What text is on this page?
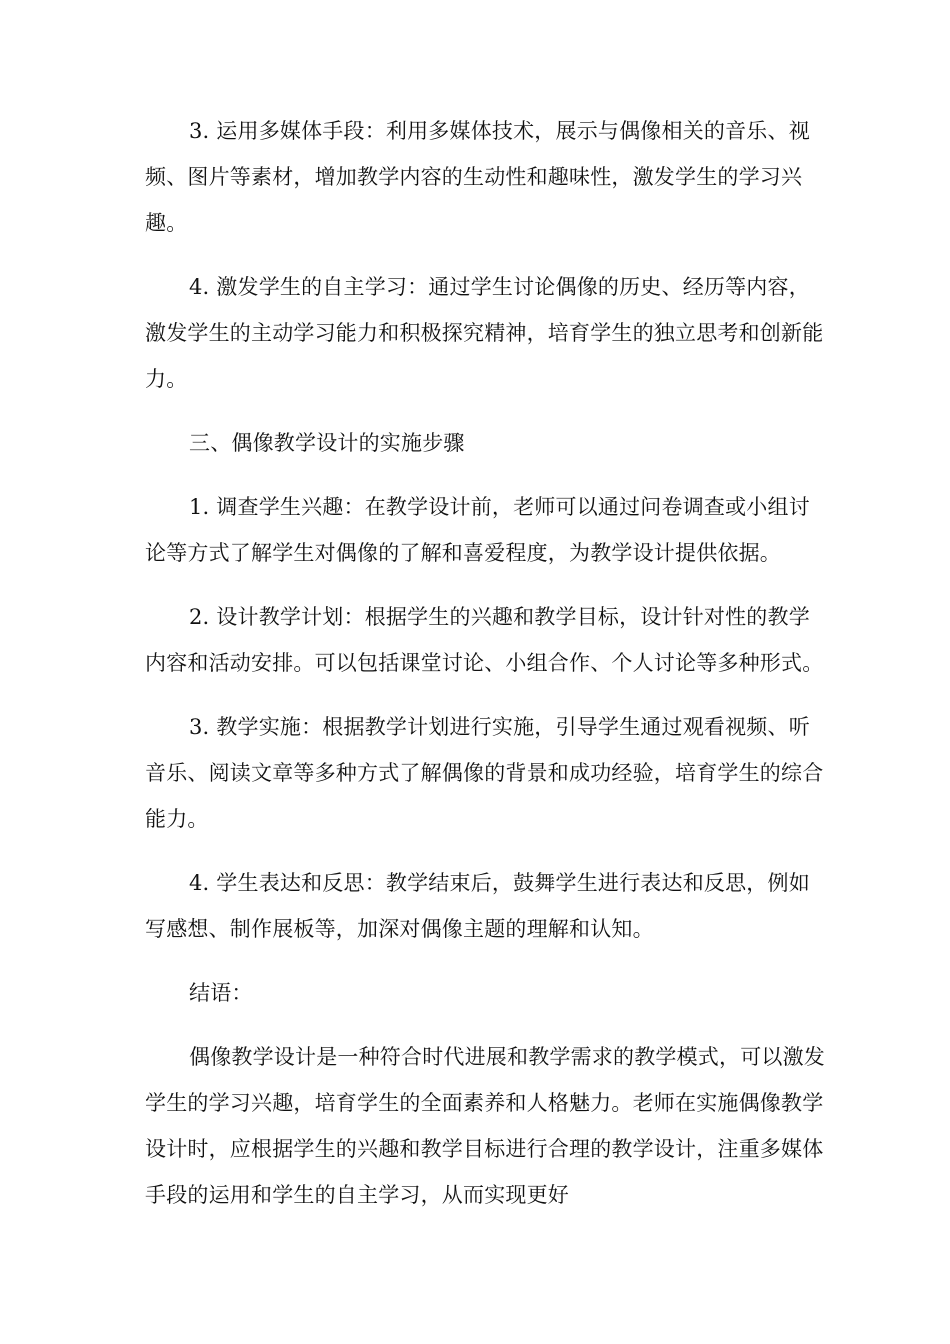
3. 运用多媒体手段：利用多媒体技术，展示与偶像相关的音乐、视频、图片等素材，增加教学内容的生动性和趣味性，激发学生的学习兴趣。

4. 激发学生的自主学习：通过学生讨论偶像的历史、经历等内容，激发学生的主动学习能力和积极探究精神，培育学生的独立思考和创新能力。

三、偶像教学设计的实施步骤

1. 调查学生兴趣：在教学设计前，老师可以通过问卷调查或小组讨论等方式了解学生对偶像的了解和喜爱程度，为教学设计提供依据。

2. 设计教学计划：根据学生的兴趣和教学目标，设计针对性的教学内容和活动安排。可以包括课堂讨论、小组合作、个人讨论等多种形式。

3. 教学实施：根据教学计划进行实施，引导学生通过观看视频、听音乐、阅读文章等多种方式了解偶像的背景和成功经验，培育学生的综合能力。

4. 学生表达和反思：教学结束后，鼓舞学生进行表达和反思，例如写感想、制作展板等，加深对偶像主题的理解和认知。

结语：

偶像教学设计是一种符合时代进展和教学需求的教学模式，可以激发学生的学习兴趣，培育学生的全面素养和人格魅力。老师在实施偶像教学设计时，应根据学生的兴趣和教学目标进行合理的教学设计，注重多媒体手段的运用和学生的自主学习，从而实现更好
